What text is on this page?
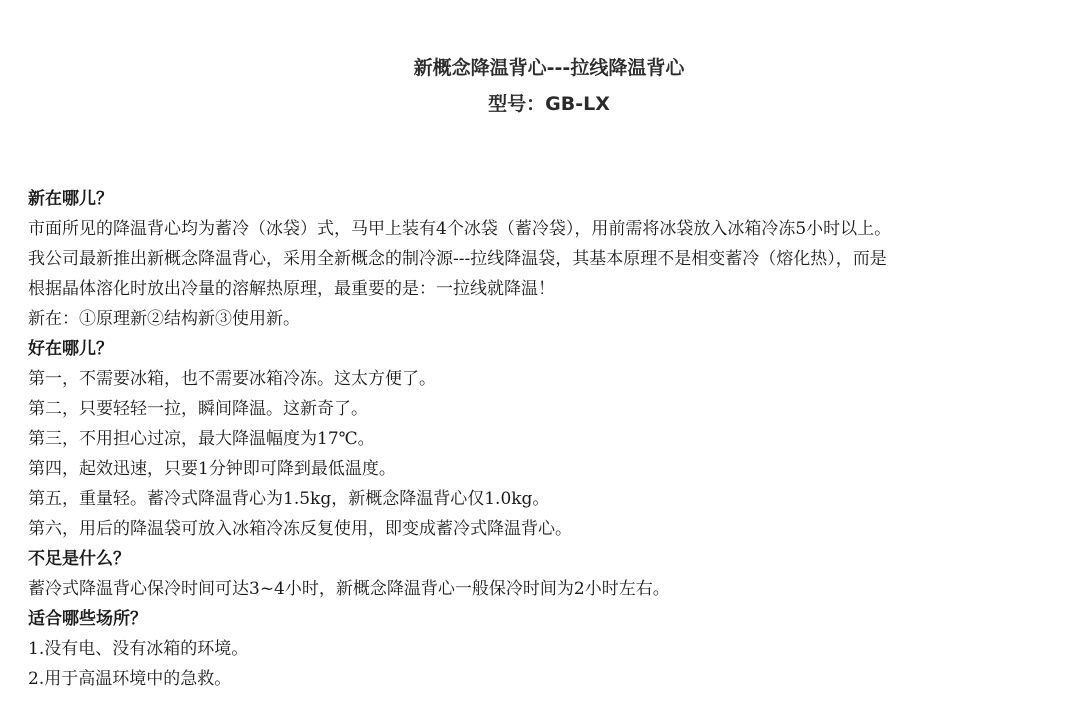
新概念降温背心---拉线降温背心
型号：GB-LX
新在哪儿？
市面所见的降温背心均为蓄冷（冰袋）式，马甲上装有4个冰袋（蓄冷袋），用前需将冰袋放入冰箱冷冻5小时以上。
我公司最新推出新概念降温背心，采用全新概念的制冷源---拉线降温袋，其基本原理不是相变蓄冷（熔化热），而是
根据晶体溶化时放出冷量的溶解热原理，最重要的是：一拉线就降温！
新在：①原理新②结构新③使用新。
好在哪儿？
第一，不需要冰箱，也不需要冰箱冷冻。这太方便了。
第二，只要轻轻一拉，瞬间降温。这新奇了。
第三，不用担心过凉，最大降温幅度为17℃。
第四，起效迅速，只要1分钟即可降到最低温度。
第五，重量轻。蓄冷式降温背心为1.5kg，新概念降温背心仅1.0kg。
第六，用后的降温袋可放入冰箱冷冻反复使用，即变成蓄冷式降温背心。
不足是什么？
蓄冷式降温背心保冷时间可达3~4小时，新概念降温背心一般保冷时间为2小时左右。
适合哪些场所？
1.没有电、没有冰箱的环境。
2.用于高温环境中的急救。
